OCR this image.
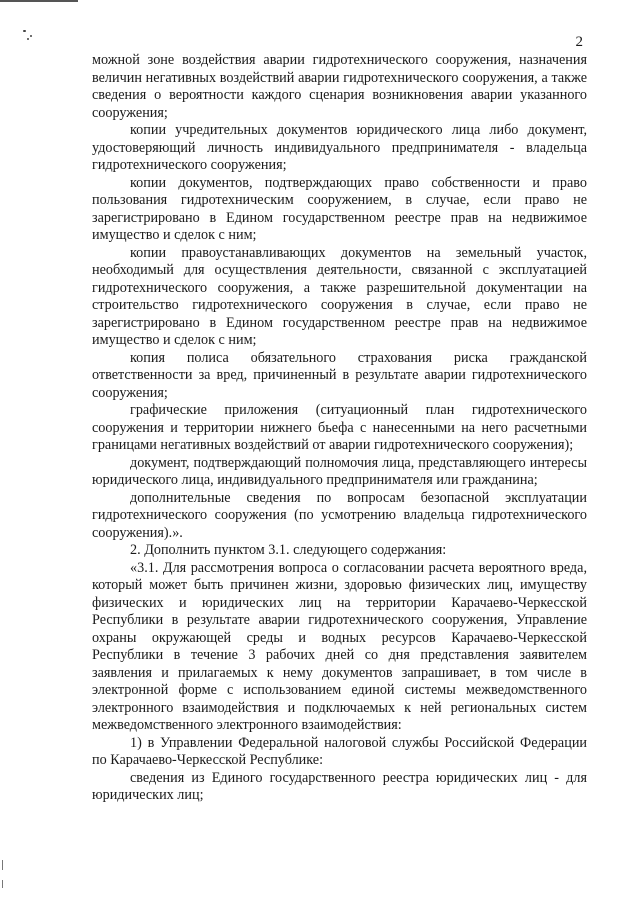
2

можной зоне воздействия аварии гидротехнического сооружения, назначения величин негативных воздействий аварии гидротехнического сооружения, а также сведения о вероятности каждого сценария возникновения аварии указанного сооружения;

копии учредительных документов юридического лица либо документ, удостоверяющий личность индивидуального предпринимателя - владельца гидротехнического сооружения;

копии документов, подтверждающих право собственности и право пользования гидротехническим сооружением, в случае, если право не зарегистрировано в Едином государственном реестре прав на недвижимое имущество и сделок с ним;

копии правоустанавливающих документов на земельный участок, необходимый для осуществления деятельности, связанной с эксплуатацией гидротехнического сооружения, а также разрешительной документации на строительство гидротехнического сооружения в случае, если право не зарегистрировано в Едином государственном реестре прав на недвижимое имущество и сделок с ним;

копия полиса обязательного страхования риска гражданской ответственности за вред, причиненный в результате аварии гидротехнического сооружения;

графические приложения (ситуационный план гидротехнического сооружения и территории нижнего бьефа с нанесенными на него расчетными границами негативных воздействий от аварии гидротехнического сооружения);

документ, подтверждающий полномочия лица, представляющего интересы юридического лица, индивидуального предпринимателя или гражданина;

дополнительные сведения по вопросам безопасной эксплуатации гидротехнического сооружения (по усмотрению владельца гидротехнического сооружения).».

2. Дополнить пунктом 3.1. следующего содержания:

«3.1. Для рассмотрения вопроса о согласовании расчета вероятного вреда, который может быть причинен жизни, здоровью физических лиц, имуществу физических и юридических лиц на территории Карачаево-Черкесской Республики в результате аварии гидротехнического сооружения, Управление охраны окружающей среды и водных ресурсов Карачаево-Черкесской Республики в течение 3 рабочих дней со дня представления заявителем заявления и прилагаемых к нему документов запрашивает, в том числе в электронной форме с использованием единой системы межведомственного электронного взаимодействия и подключаемых к ней региональных систем межведомственного электронного взаимодействия:

1) в Управлении Федеральной налоговой службы Российской Федерации по Карачаево-Черкесской Республике:

сведения из Единого государственного реестра юридических лиц - для юридических лиц;
